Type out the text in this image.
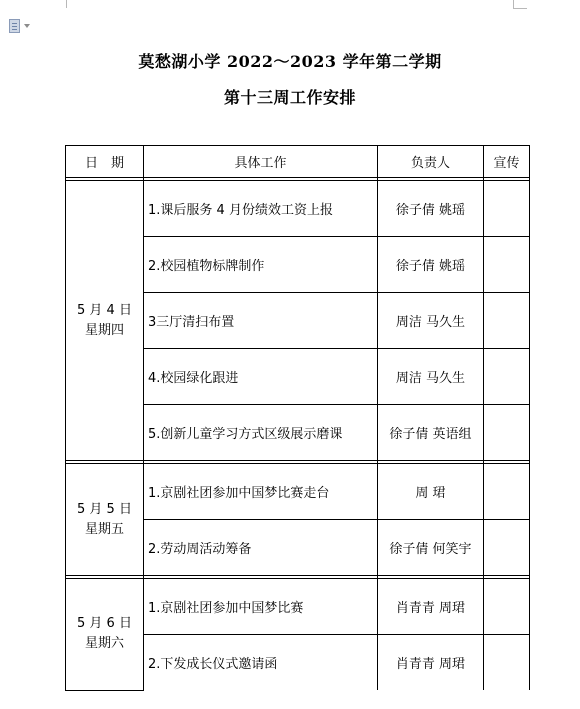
莫愁湖小学 2022～2023 学年第二学期
第十三周工作安排
日　期	具体工作	负责人	宣传

5 月 4 日
星期四	1.课后服务 4 月份绩效工资上报	徐子倩 姚瑶	
	2.校园植物标牌制作	徐子倩 姚瑶	
	3三厅清扫布置	周洁 马久生	
	4.校园绿化跟进	周洁 马久生	
	5.创新儿童学习方式区级展示磨课	徐子倩 英语组	

5 月 5 日
星期五	1.京剧社团参加中国梦比赛走台	周 珺	
	2.劳动周活动筹备	徐子倩 何笑宇	

5 月 6 日
星期六	1.京剧社团参加中国梦比赛	肖青青 周珺	
	2.下发成长仪式邀请函	肖青青 周珺	
